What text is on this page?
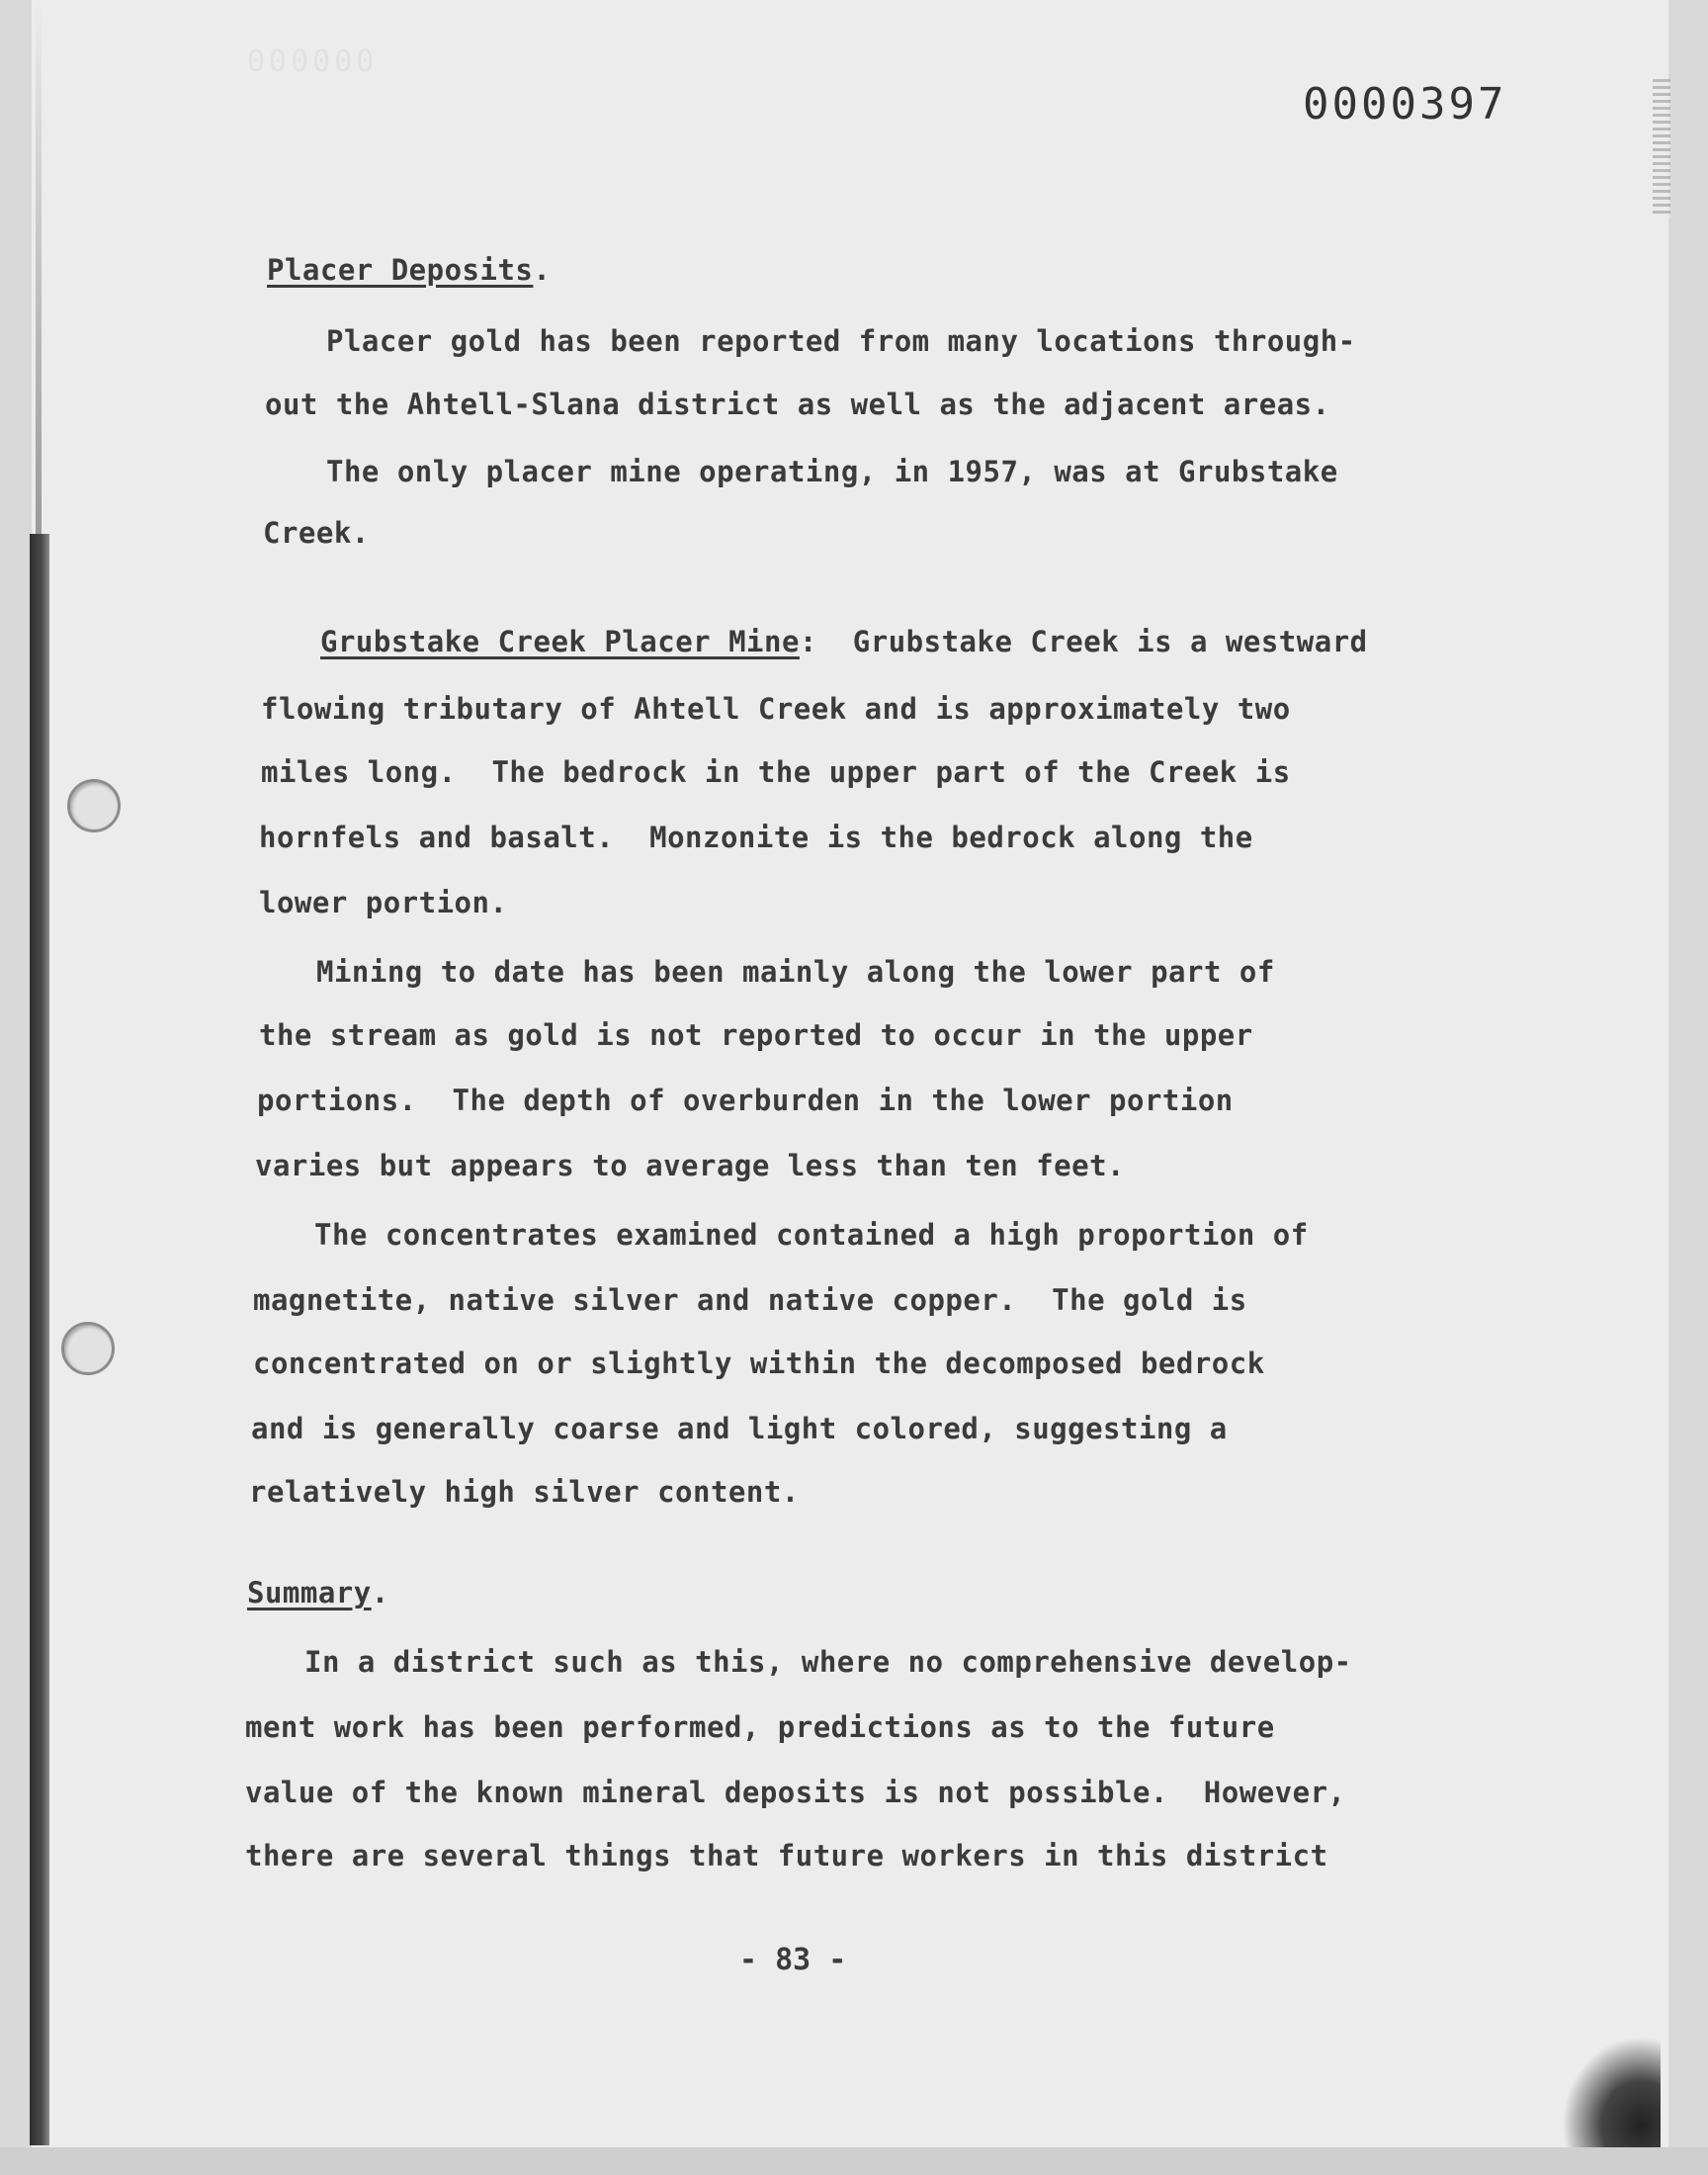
000000
0000397
Placer Deposits.
Placer gold has been reported from many locations through-
out the Ahtell-Slana district as well as the adjacent areas.
The only placer mine operating, in 1957, was at Grubstake
Creek.
Grubstake Creek Placer Mine:  Grubstake Creek is a westward
flowing tributary of Ahtell Creek and is approximately two
miles long.  The bedrock in the upper part of the Creek is
hornfels and basalt.  Monzonite is the bedrock along the
lower portion.
Mining to date has been mainly along the lower part of
the stream as gold is not reported to occur in the upper
portions.  The depth of overburden in the lower portion
varies but appears to average less than ten feet.
The concentrates examined contained a high proportion of
magnetite, native silver and native copper.  The gold is
concentrated on or slightly within the decomposed bedrock
and is generally coarse and light colored, suggesting a
relatively high silver content.
Summary.
In a district such as this, where no comprehensive develop-
ment work has been performed, predictions as to the future
value of the known mineral deposits is not possible.  However,
there are several things that future workers in this district
- 83 -
